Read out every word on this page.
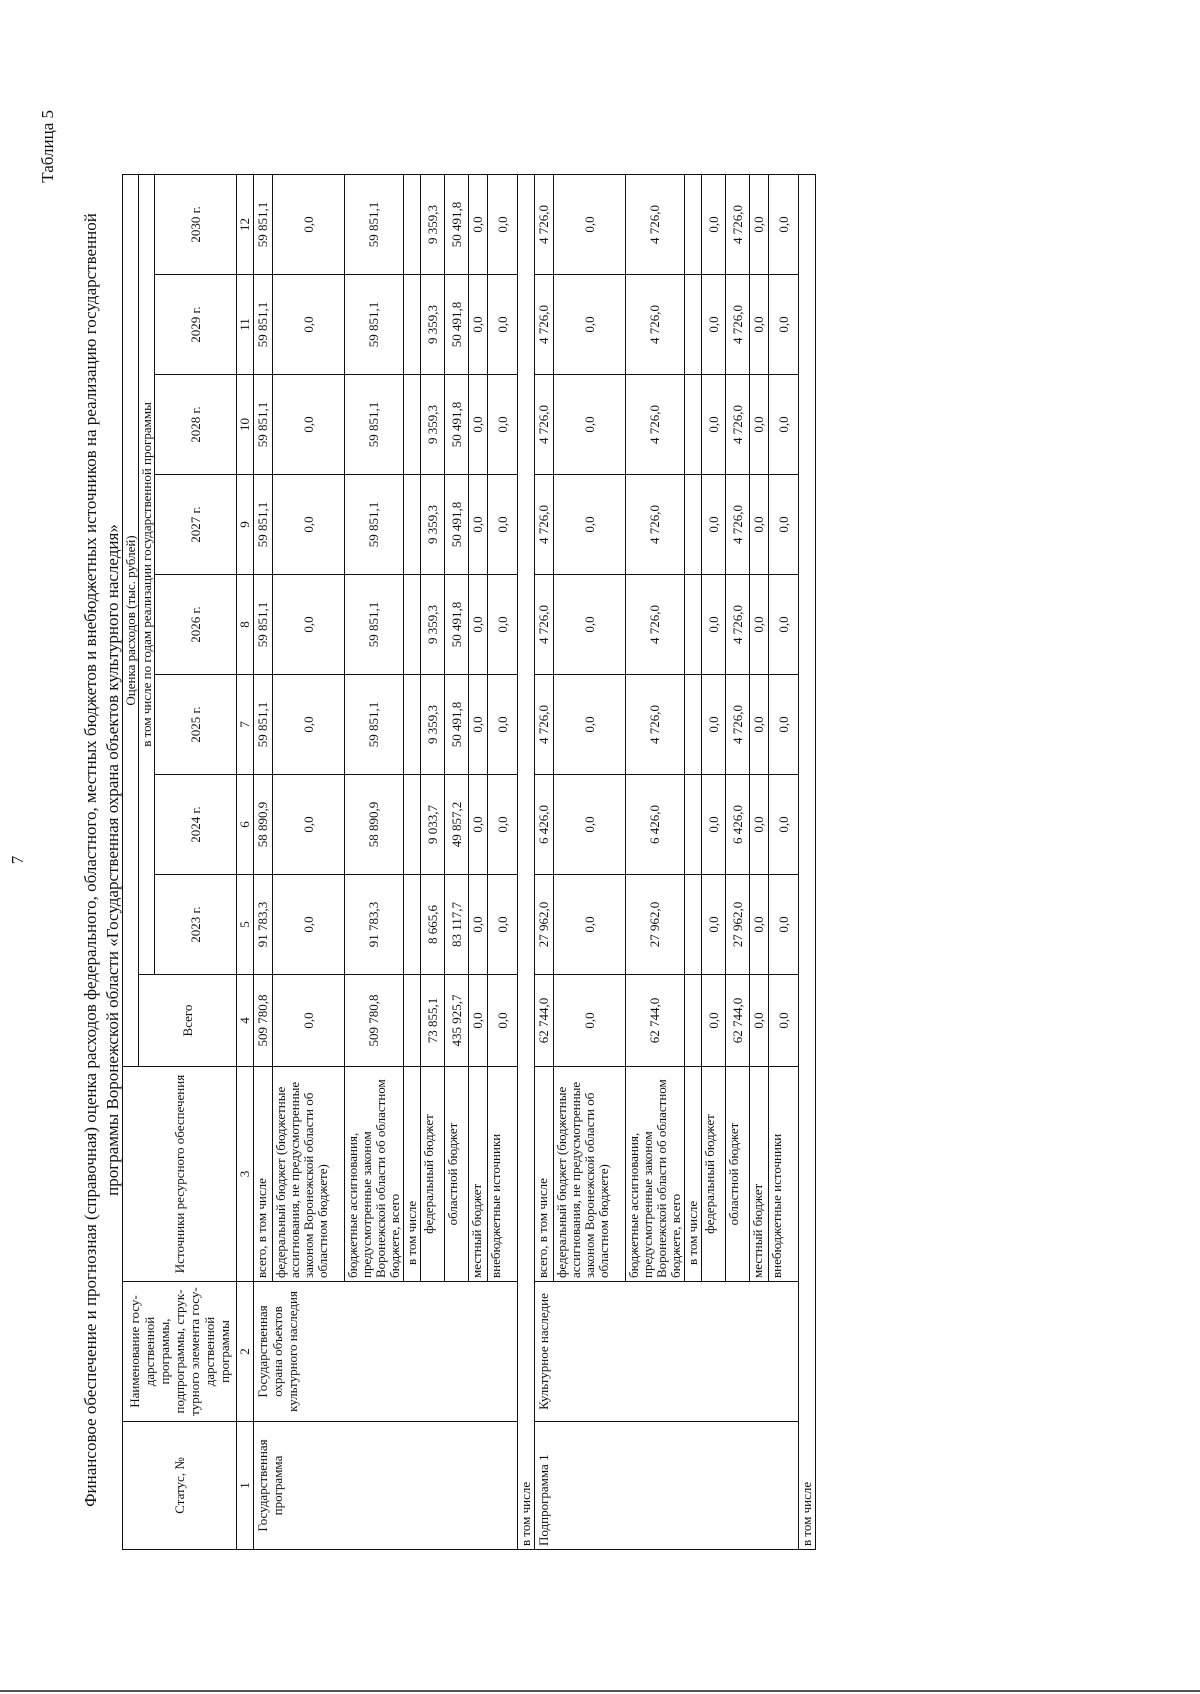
7
Таблица 5
Финансовое обеспечение и прогнозная (справочная) оценка расходов федерального, областного, местных бюджетов и внебюджетных источников на реализацию государственной программы Воронежской области «Государственная охрана объектов культурного наследия»
Статус, №	Наименование госу-дарственной программы, подпрограммы, струк-турного элемента госу-дарственной программы	Источники ресурсного обеспечения	Оценка расходов (тыс. рублей)								
			Всего	в том числе по годам реализации государственной программы							
				2023 г.	2024 г.	2025 г.	2026 г.	2027 г.	2028 г.	2029 г.	2030 г.
1	2	3	4	5	6	7	8	9	10	11	12
Государственная программа	Государственная охрана объектов культурного наследия	всего, в том числе	509 780,8	91 783,3	58 890,9	59 851,1	59 851,1	59 851,1	59 851,1	59 851,1	59 851,1
		федеральный бюджет (бюджетные ассигнования, не предусмотренные законом Воронежской области об областном бюджете)	0,0	0,0	0,0	0,0	0,0	0,0	0,0	0,0	0,0
		бюджетные ассигнования, предусмотренные законом Воронежской области об областном бюджете, всего	509 780,8	91 783,3	58 890,9	59 851,1	59 851,1	59 851,1	59 851,1	59 851,1	59 851,1
		в том числе									
		федеральный бюджет	73 855,1	8 665,6	9 033,7	9 359,3	9 359,3	9 359,3	9 359,3	9 359,3	9 359,3
		областной бюджет	435 925,7	83 117,7	49 857,2	50 491,8	50 491,8	50 491,8	50 491,8	50 491,8	50 491,8
		местный бюджет	0,0	0,0	0,0	0,0	0,0	0,0	0,0	0,0	0,0
		внебюджетные источники	0,0	0,0	0,0	0,0	0,0	0,0	0,0	0,0	0,0
в том числе											
Подпрограмма 1	Культурное наследие	всего, в том числе	62 744,0	27 962,0	6 426,0	4 726,0	4 726,0	4 726,0	4 726,0	4 726,0	4 726,0
		федеральный бюджет (бюджетные ассигнования, не предусмотренные законом Воронежской области об областном бюджете)	0,0	0,0	0,0	0,0	0,0	0,0	0,0	0,0	0,0
		бюджетные ассигнования, предусмотренные законом Воронежской области об областном бюджете, всего	62 744,0	27 962,0	6 426,0	4 726,0	4 726,0	4 726,0	4 726,0	4 726,0	4 726,0
		в том числе									
		федеральный бюджет	0,0	0,0	0,0	0,0	0,0	0,0	0,0	0,0	0,0
		областной бюджет	62 744,0	27 962,0	6 426,0	4 726,0	4 726,0	4 726,0	4 726,0	4 726,0	4 726,0
		местный бюджет	0,0	0,0	0,0	0,0	0,0	0,0	0,0	0,0	0,0
		внебюджетные источники	0,0	0,0	0,0	0,0	0,0	0,0	0,0	0,0	0,0
в том числе											
